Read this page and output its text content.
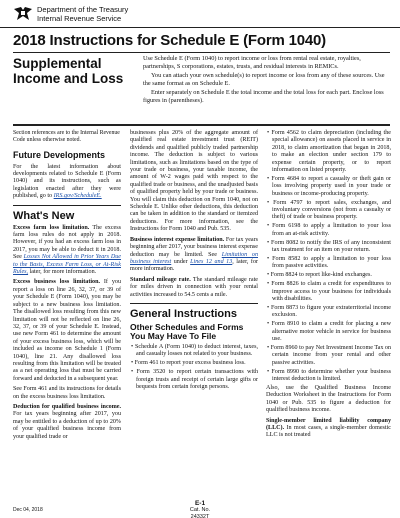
Department of the Treasury
Internal Revenue Service
2018 Instructions for Schedule E (Form 1040)
Supplemental Income and Loss

Use Schedule E (Form 1040) to report income or loss from rental real estate, royalties, partnerships, S corporations, estates, trusts, and residual interests in REMICs.

You can attach your own schedule(s) to report income or loss from any of these sources. Use the same format as on Schedule E.

Enter separately on Schedule E the total income and the total loss for each part. Enclose loss figures in (parentheses).

Section references are to the Internal Revenue Code unless otherwise noted.
Future Developments

For the latest information about developments related to Schedule E (Form 1040) and its instructions, such as legislation enacted after they were published, go to IRS.gov/ScheduleE.

What's New

Excess farm loss limitation. The excess farm loss rules do not apply in 2018. However, if you had an excess farm loss in 2017, you may be able to deduct it in 2018. See Losses Not Allowed in Prior Years Due to the Basis, Excess Farm Loss, or At-Risk Rules, later, for more information.

Excess business loss limitation. If you report a loss on line 26, 32, 37, or 39 of your Schedule E (Form 1040), you may be subject to a new business loss limitation. The disallowed loss resulting from this new limitation will not be reflected on line 26, 32, 37, or 39 of your Schedule E. Instead, use new Form 461 to determine the amount of your excess business loss, which will be included as income on Schedule 1 (Form 1040), line 21. Any disallowed loss resulting from this limitation will be treated as a net operating loss that must be carried forward and deducted in a subsequent year.

See Form 461 and its instructions for details on the excess business loss limitation.

Deduction for qualified business income. For tax years beginning after 2017, you may be entitled to a deduction of up to 20% of your qualified business income from your qualified trade or

businesses plus 20% of the aggregate amount of qualified real estate investment trust (REIT) dividends and qualified publicly traded partnership income. The deduction is subject to various limitations, such as limitations based on the type of your trade or business, your taxable income, the amount of W-2 wages paid with respect to the qualified trade or business, and the unadjusted basis of qualified property held by your trade or business. You will claim this deduction on Form 1040, not on Schedule E. Unlike other deductions, this deduction can be taken in addition to the standard or itemized deductions. For more information, see the Instructions for Form 1040 and Pub. 535.

Business interest expense limitation. For tax years beginning after 2017, your business interest expense deduction may be limited. See Limitation on business interest under Lines 12 and 13, later, for more information.

Standard mileage rate. The standard mileage rate for miles driven in connection with your rental activities increased to 54.5 cents a mile.

General Instructions
Other Schedules and Forms You May Have To File

• Schedule A (Form 1040) to deduct interest, taxes, and casualty losses not related to your business.

• Form 461 to report your excess business loss.

• Form 3520 to report certain transactions with foreign trusts and receipt of certain large gifts or bequests from certain foreign persons.

• Form 4562 to claim depreciation (including the special allowance) on assets placed in service in 2018, to claim amortization that began in 2018, to make an election under section 179 to expense certain property, or to report information on listed property.

• Form 4684 to report a casualty or theft gain or loss involving property used in your trade or business or income-producing property.

• Form 4797 to report sales, exchanges, and involuntary conversions (not from a casualty or theft) of trade or business property.

• Form 6198 to apply a limitation to your loss from an at-risk activity.

• Form 8082 to notify the IRS of any inconsistent tax treatment for an item on your return.

• Form 8582 to apply a limitation to your loss from passive activities.

• Form 8824 to report like-kind exchanges.

• Form 8826 to claim a credit for expenditures to improve access to your business for individuals with disabilities.

• Form 8873 to figure your extraterritorial income exclusion.

• Form 8910 to claim a credit for placing a new alternative motor vehicle in service for business use.

• Form 8960 to pay Net Investment Income Tax on certain income from your rental and other passive activities.

• Form 8990 to determine whether your business interest deduction is limited.

Also, use the Qualified Business Income Deduction Worksheet in the Instructions for Form 1040 or Pub. 535 to figure a deduction for qualified business income.

Single-member limited liability company (LLC). In most cases, a single-member domestic LLC is not treated

Dec 04, 2018
E-1
Cat. No. 24332T
